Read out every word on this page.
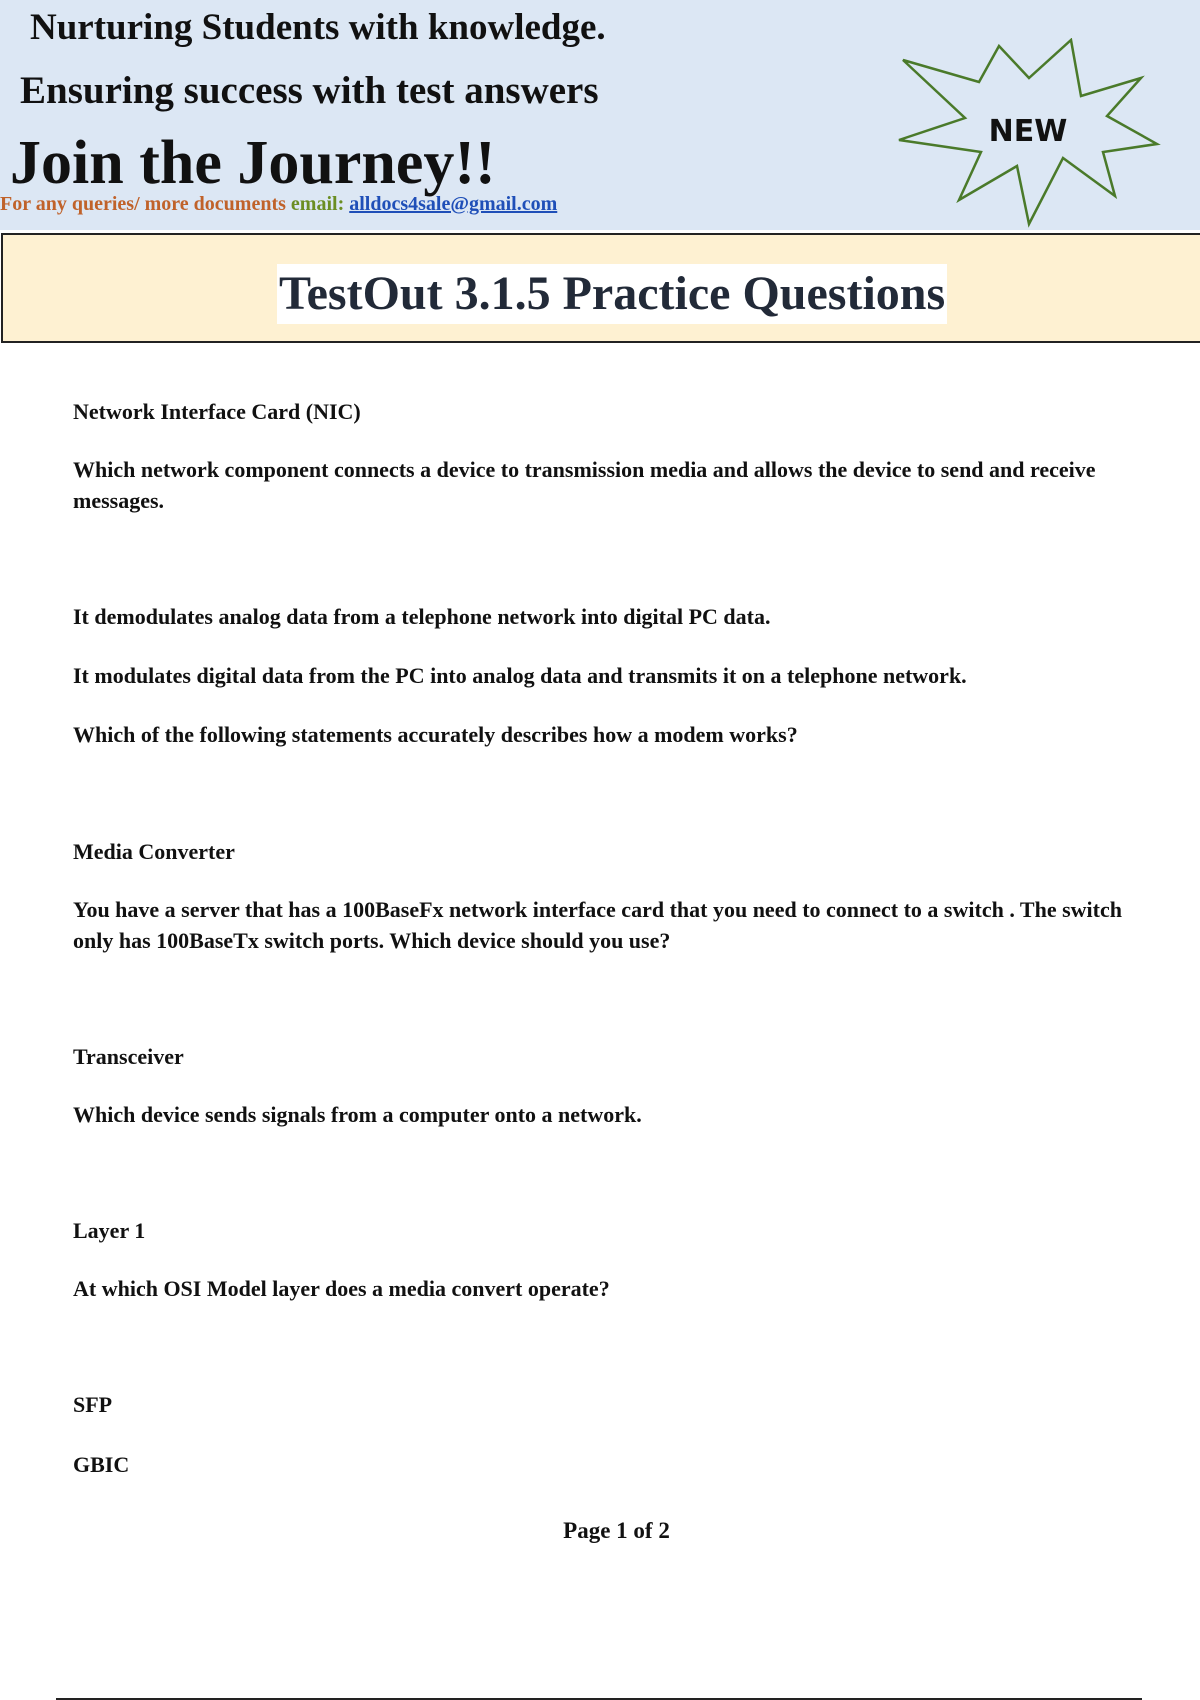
Nurturing Students with knowledge.
Ensuring success with test answers
Join the Journey!!
For any queries/ more documents email: alldocs4sale@gmail.com
NEW
TestOut 3.1.5 Practice Questions

Network Interface Card (NIC)

Which network component connects a device to transmission media and allows the device to send and receive messages.

It demodulates analog data from a telephone network into digital PC data.

It modulates digital data from the PC into analog data and transmits it on a telephone network.

Which of the following statements accurately describes how a modem works?

Media Converter

You have a server that has a 100BaseFx network interface card that you need to connect to a switch . The switch only has 100BaseTx switch ports. Which device should you use?

Transceiver

Which device sends signals from a computer onto a network.

Layer 1

At which OSI Model layer does a media convert operate?

SFP

GBIC

Page 1 of 2
